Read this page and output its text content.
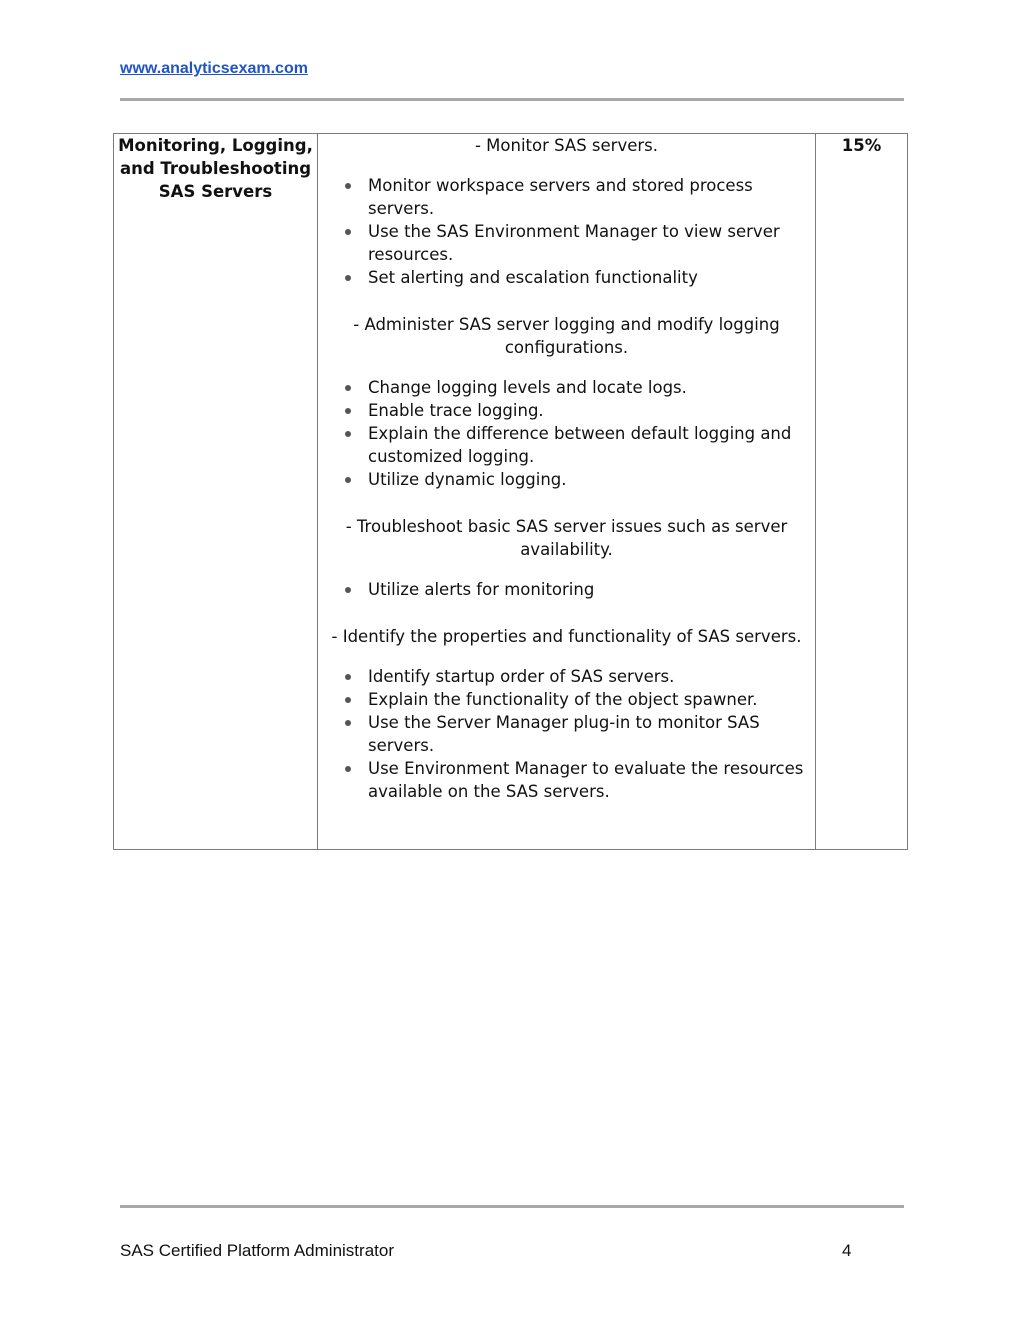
www.analyticsexam.com
Monitoring, Logging, and Troubleshooting SAS Servers	

- Monitor SAS servers.

Monitor workspace servers and stored process servers.
Use the SAS Environment Manager to view server resources.
Set alerting and escalation functionality

- Administer SAS server logging and modify logging configurations.

Change logging levels and locate logs.
Enable trace logging.
Explain the difference between default logging and customized logging.
Utilize dynamic logging.

- Troubleshoot basic SAS server issues such as server availability.

Utilize alerts for monitoring

- Identify the properties and functionality of SAS servers.

Identify startup order of SAS servers.
Explain the functionality of the object spawner.
Use the Server Manager plug-in to monitor SAS servers.
Use Environment Manager to evaluate the resources available on the SAS servers.
	15%
SAS Certified Platform Administrator	4
